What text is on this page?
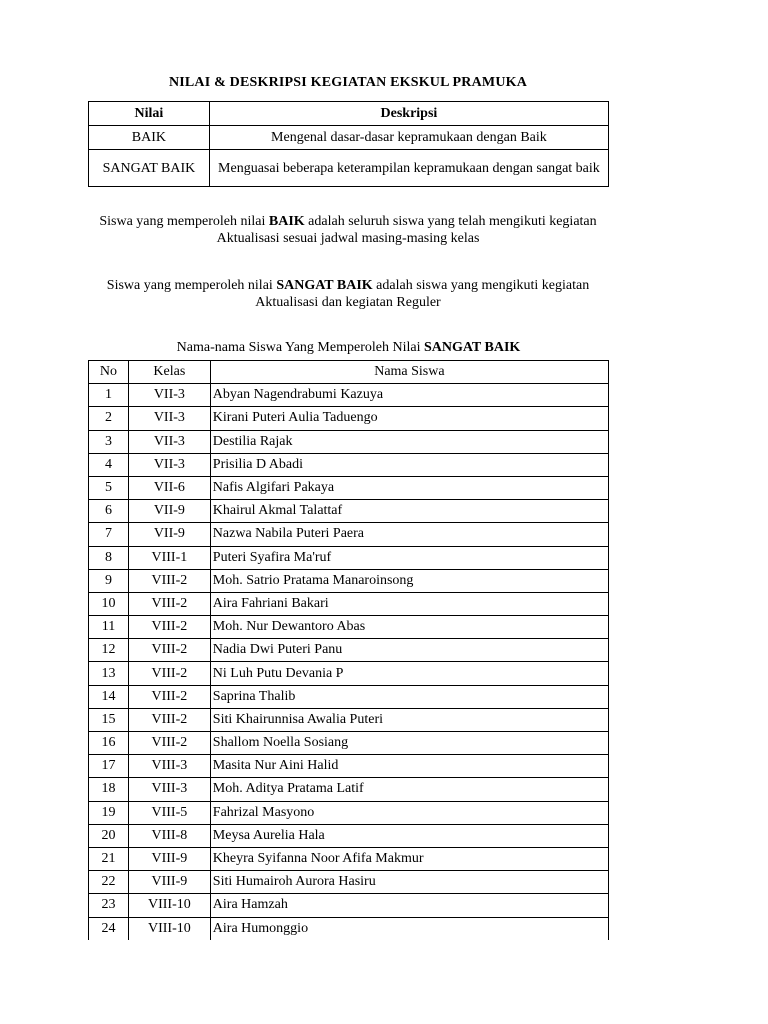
NILAI & DESKRIPSI KEGIATAN EKSKUL PRAMUKA
Nilai	Deskripsi
BAIK	Mengenal dasar-dasar kepramukaan dengan Baik
SANGAT BAIK	Menguasai beberapa keterampilan kepramukaan dengan sangat baik
Siswa yang memperoleh nilai BAIK adalah seluruh siswa yang telah mengikuti kegiatan Aktualisasi sesuai jadwal masing-masing kelas
Siswa yang memperoleh nilai SANGAT BAIK adalah siswa yang mengikuti kegiatan Aktualisasi dan kegiatan Reguler
Nama-nama Siswa Yang Memperoleh Nilai SANGAT BAIK
No	Kelas	Nama Siswa
1	VII-3	Abyan Nagendrabumi Kazuya
2	VII-3	Kirani Puteri Aulia Taduengo
3	VII-3	Destilia Rajak
4	VII-3	Prisilia D Abadi
5	VII-6	Nafis Algifari Pakaya
6	VII-9	Khairul Akmal Talattaf
7	VII-9	Nazwa Nabila Puteri Paera
8	VIII-1	Puteri Syafira Ma'ruf
9	VIII-2	Moh. Satrio Pratama Manaroinsong
10	VIII-2	Aira Fahriani Bakari
11	VIII-2	Moh. Nur Dewantoro Abas
12	VIII-2	Nadia Dwi Puteri Panu
13	VIII-2	Ni Luh Putu Devania P
14	VIII-2	Saprina Thalib
15	VIII-2	Siti Khairunnisa Awalia Puteri
16	VIII-2	Shallom Noella Sosiang
17	VIII-3	Masita Nur Aini Halid
18	VIII-3	Moh. Aditya Pratama Latif
19	VIII-5	Fahrizal Masyono
20	VIII-8	Meysa Aurelia Hala
21	VIII-9	Kheyra Syifanna Noor Afifa Makmur
22	VIII-9	Siti Humairoh Aurora Hasiru
23	VIII-10	Aira Hamzah
24	VIII-10	Aira Humonggio
